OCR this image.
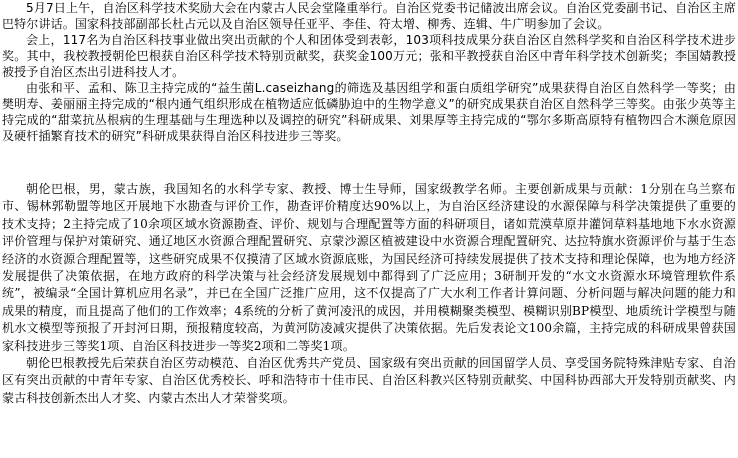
5月7日上午，自治区科学技术奖励大会在内蒙古人民会堂隆重举行。自治区党委书记储波出席会议。自治区党委副书记、自治区主席巴特尔讲话。国家科技部副部长杜占元以及自治区领导任亚平、李佳、符太增、柳秀、连辑、牛广明参加了会议。

会上，117名为自治区科技事业做出突出贡献的个人和团体受到表彰，103项科技成果分获自治区自然科学奖和自治区科学技术进步奖。其中，我校教授朝伦巴根获自治区科学技术特别贡献奖，获奖金100万元；张和平教授获自治区中青年科学技术创新奖；李国婧教授被授予自治区杰出引进科技人才。

由张和平、孟和、陈卫主持完成的“益生菌L.caseizhang的筛选及基因组学和蛋白质组学研究”成果获得自治区自然科学一等奖；由樊明寿、姜丽丽主持完成的“根内通气组织形成在植物适应低磷胁迫中的生物学意义”的研究成果获自治区自然科学三等奖。由张少英等主持完成的“甜菜抗丛根病的生理基础与生理选种以及调控的研究”科研成果、刘果厚等主持完成的“鄂尔多斯高原特有植物四合木濒危原因及硬杆插繁育技术的研究”科研成果获得自治区科技进步三等奖。

朝伦巴根，男，蒙古族，我国知名的水科学专家、教授、博士生导师，国家级教学名师。主要创新成果与贡献：1分别在乌兰察布市、锡林郭勒盟等地区开展地下水勘查与评价工作，勘查评价精度达90%以上，为自治区经济建设的水源保障与科学决策提供了重要的技术支持；2主持完成了10余项区域水资源勘查、评价、规划与合理配置等方面的科研项目，诸如荒漠草原井灌饲草料基地地下水水资源评价管理与保护对策研究、通辽地区水资源合理配置研究、京蒙沙源区植被建设中水资源合理配置研究、达拉特旗水资源评价与基于生态经济的水资源合理配置等，这些研究成果不仅摸清了区域水资源底账，为国民经济可持续发展提供了技术支持和理论保障，也为地方经济发展提供了决策依据，在地方政府的科学决策与社会经济发展规划中都得到了广泛应用；3研制开发的“水文水资源水环境管理软件系统”，被编录“全国计算机应用名录”，并已在全国广泛推广应用，这不仅提高了广大水利工作者计算问题、分析问题与解决问题的能力和成果的精度，而且提高了他们的工作效率；4系统的分析了黄河凌汛的成因，并用模糊聚类模型、模糊识别BP模型、地质统计学模型与随机水文模型等预报了开封河日期，预报精度较高，为黄河防凌减灾提供了决策依据。先后发表论文100余篇，主持完成的科研成果曾获国家科技进步三等奖1项、自治区科技进步一等奖2项和二等奖1项。

朝伦巴根教授先后荣获自治区劳动模范、自治区优秀共产党员、国家级有突出贡献的回国留学人员、享受国务院特殊津贴专家、自治区有突出贡献的中青年专家、自治区优秀校长、呼和浩特市十佳市民、自治区科教兴区特别贡献奖、中国科协西部大开发特别贡献奖、内蒙古科技创新杰出人才奖、内蒙古杰出人才荣誉奖项。
